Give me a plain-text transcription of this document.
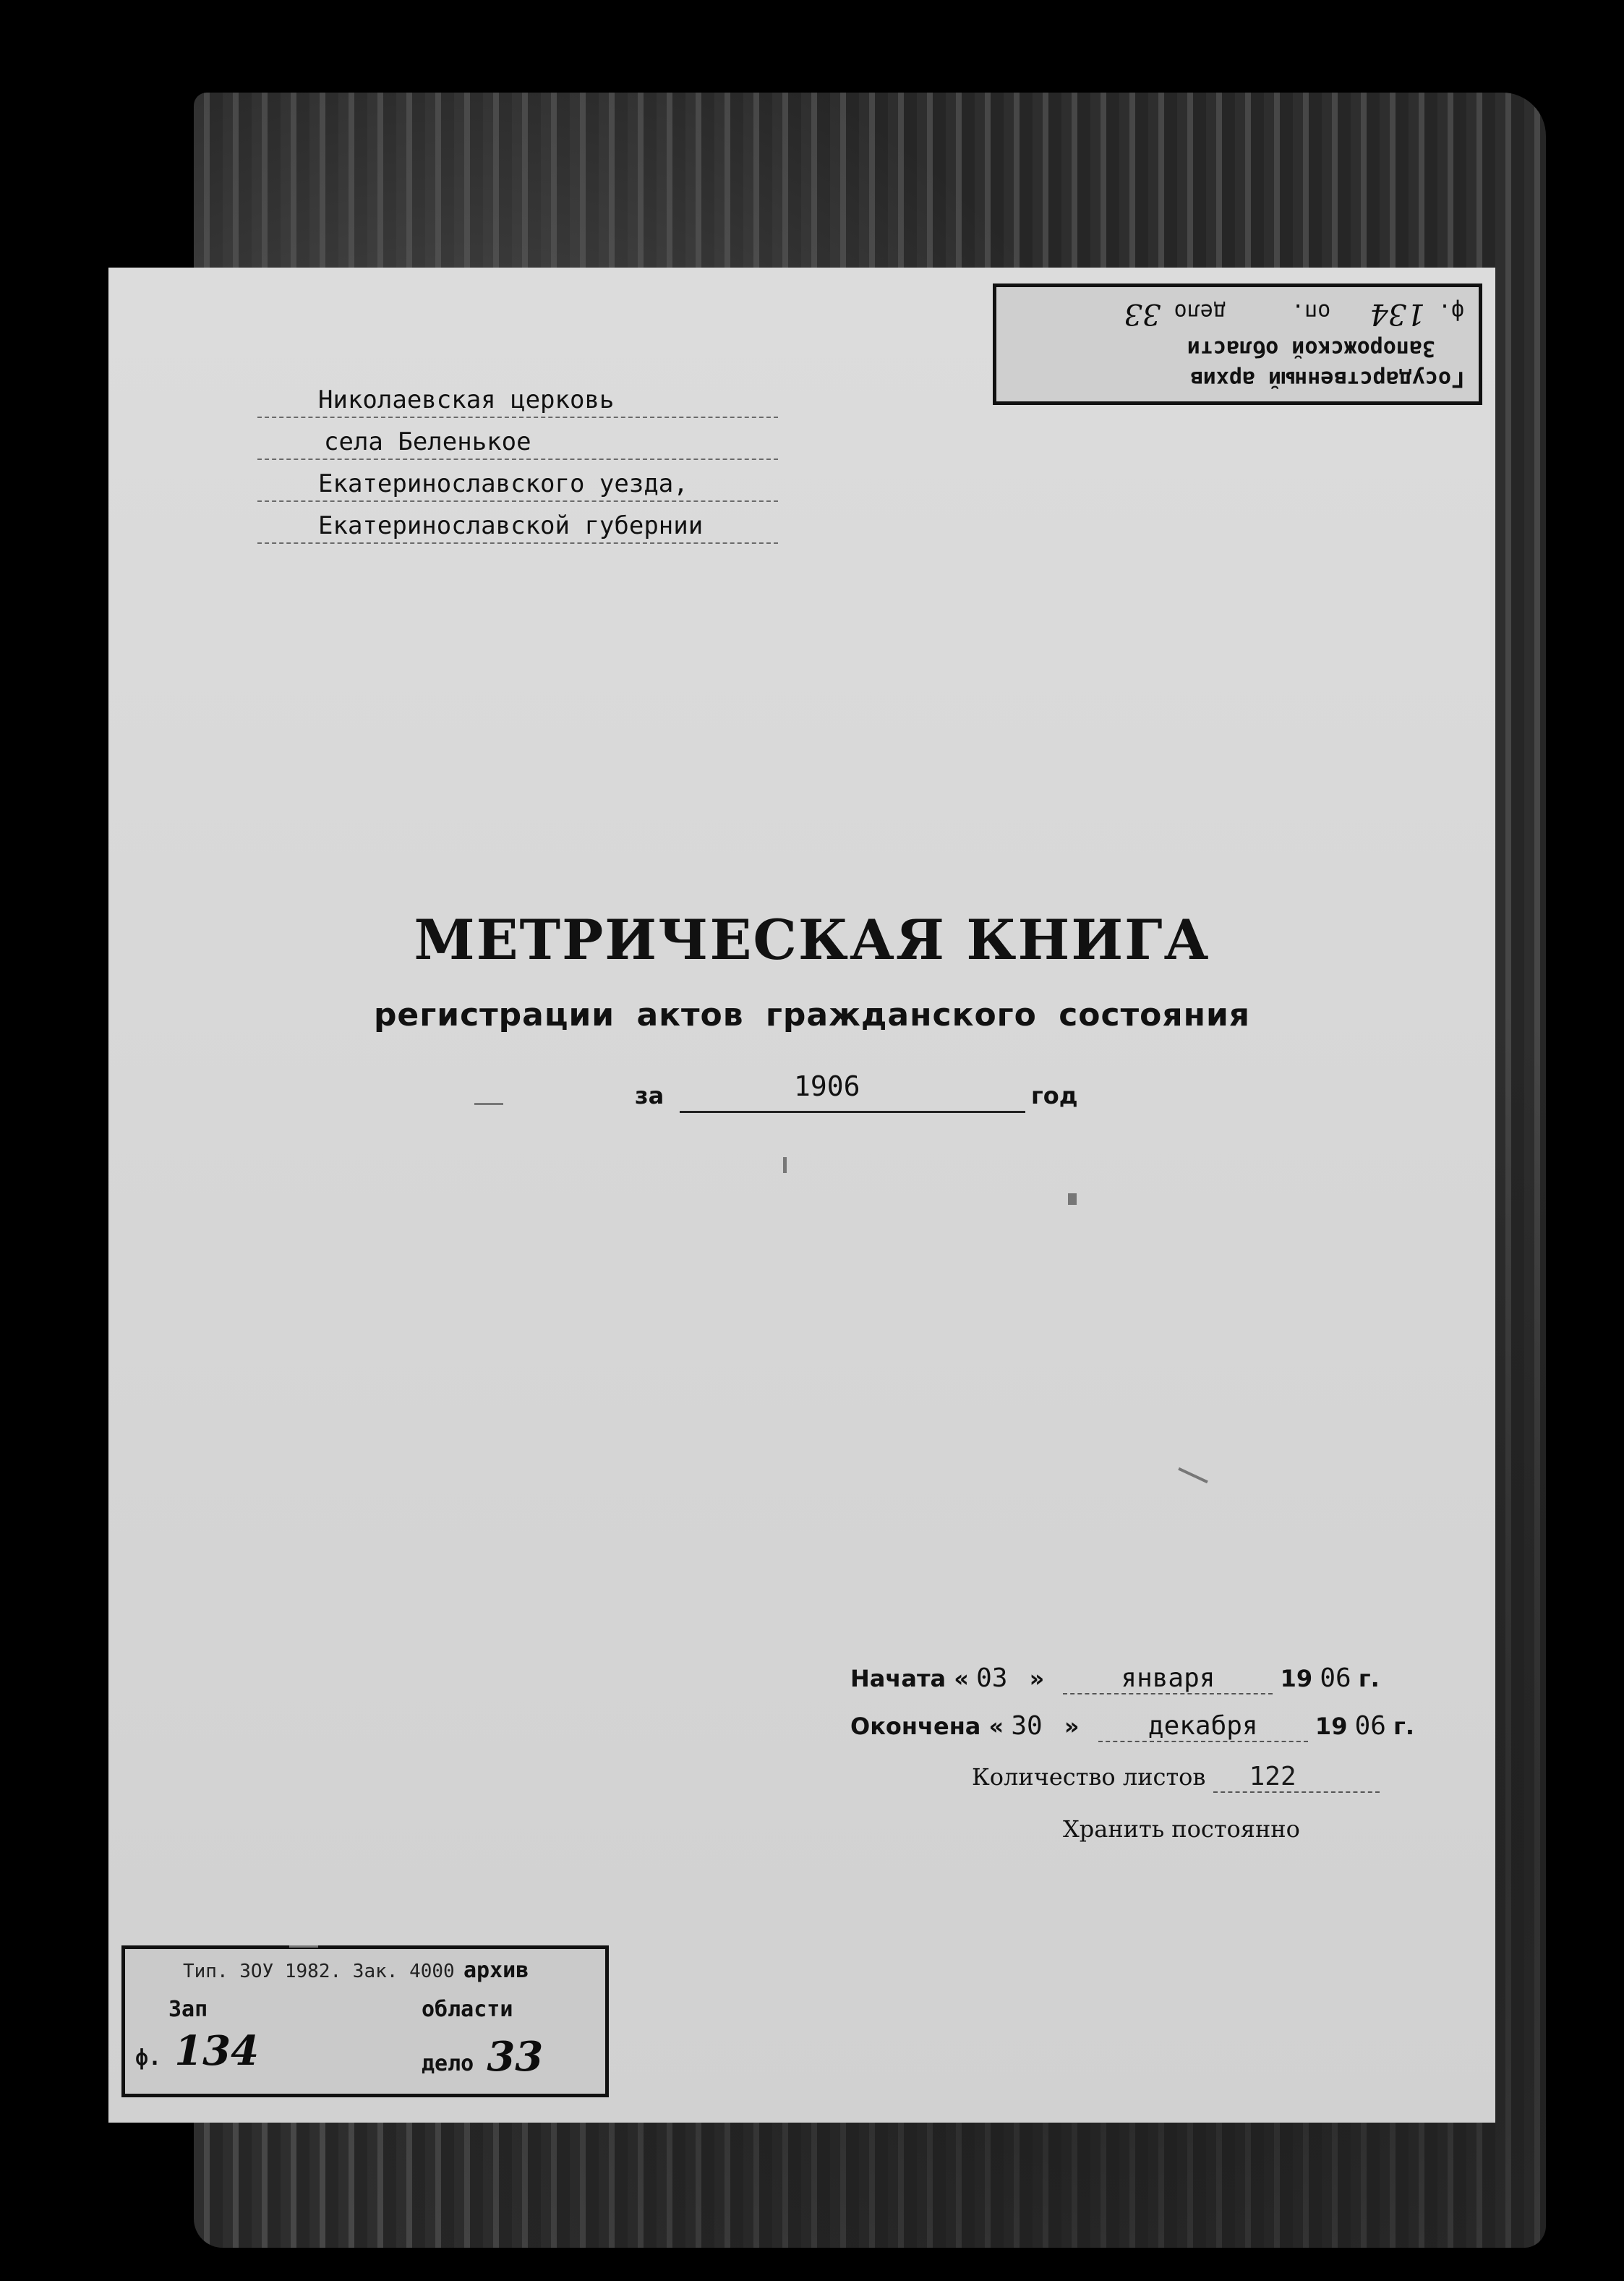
Государственный архив
Запорожской области
ф. 134   оп.     дело 33
Николаевская церковь
села Беленькое
Екатеринославского уезда,
Екатеринославской губернии
МЕТРИЧЕСКАЯ КНИГА
регистрации актов гражданского состояния
за	1906	год
Начата « 03 »	января	19 06 г.
Окончена « 30 »	декабря 19 06 г.
Количество листов 122
Хранить постоянно
Тип. ЗОУ 1982. Зак. 4000 архив
Зап	области
ф. 134	дело 33
